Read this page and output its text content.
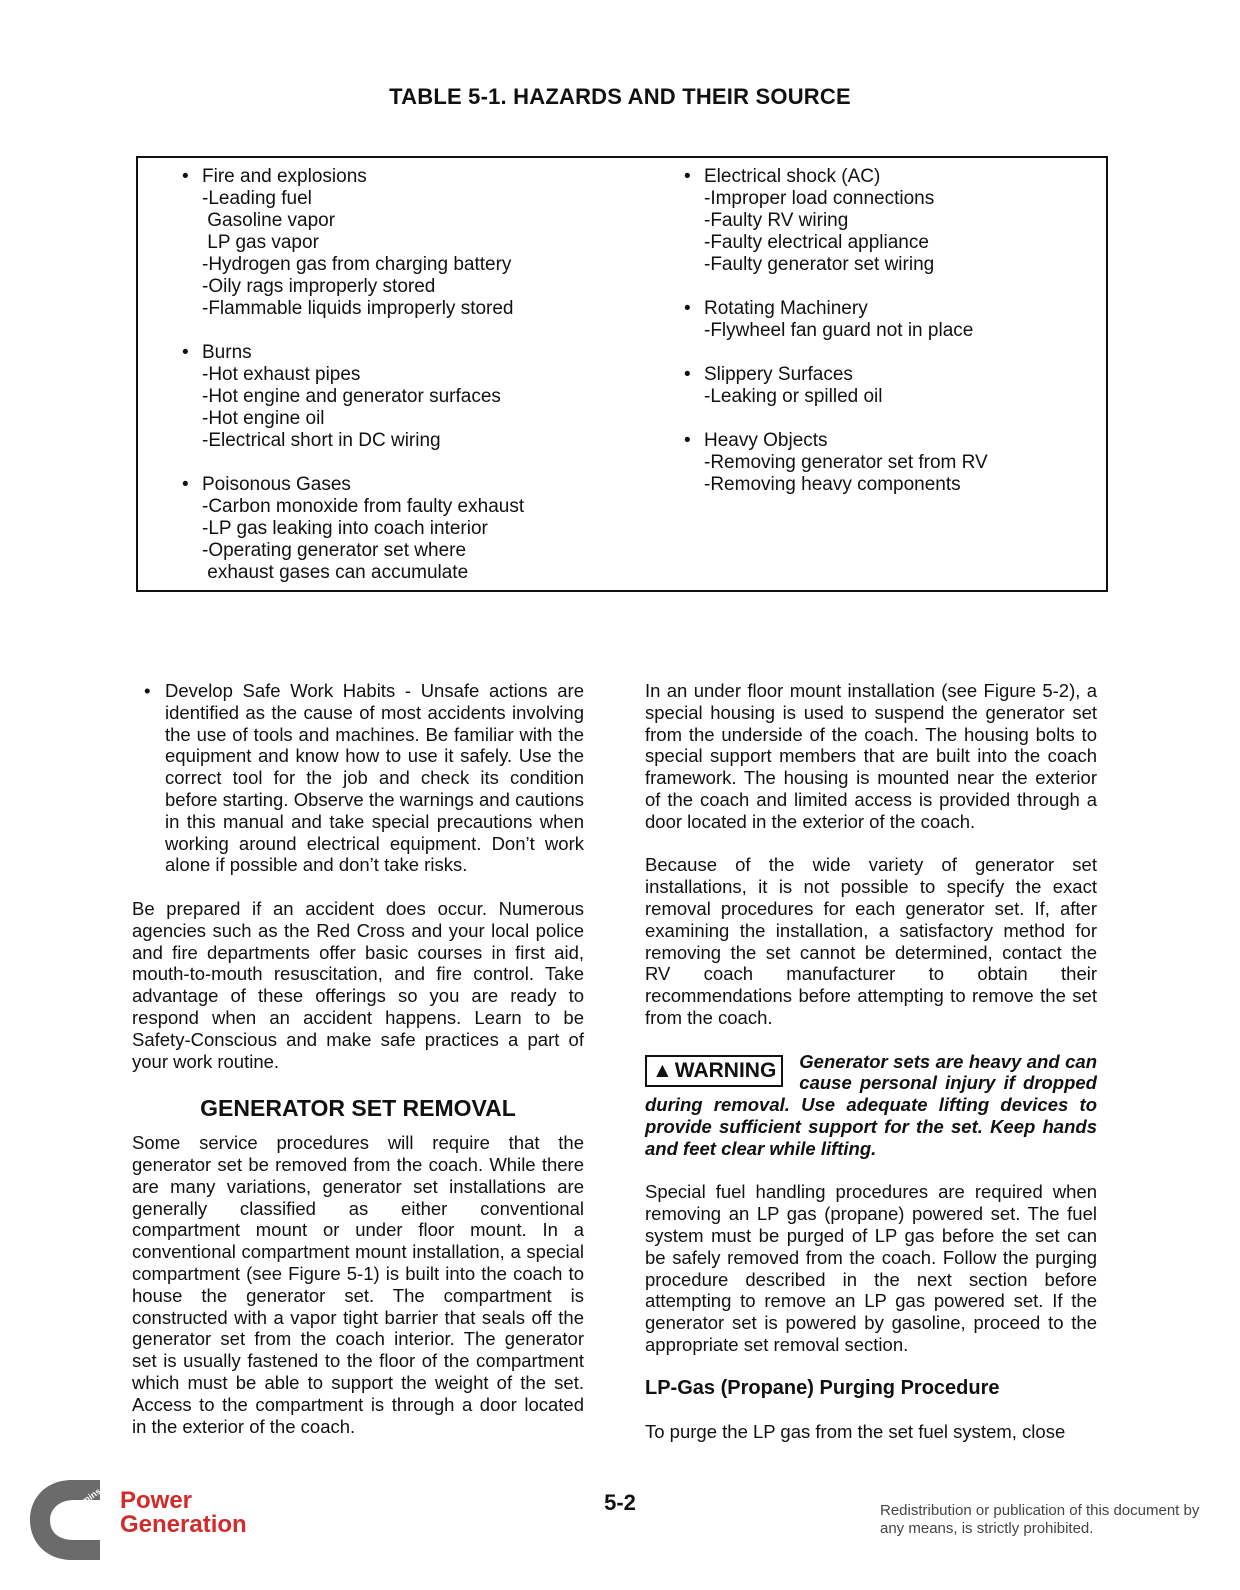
TABLE 5-1. HAZARDS AND THEIR SOURCE
• Fire and explosions
-Leading fuel
Gasoline vapor
LP gas vapor
-Hydrogen gas from charging battery
-Oily rags improperly stored
-Flammable liquids improperly stored
• Burns
-Hot exhaust pipes
-Hot engine and generator surfaces
-Hot engine oil
-Electrical short in DC wiring
• Poisonous Gases
-Carbon monoxide from faulty exhaust
-LP gas leaking into coach interior
-Operating generator set where
exhaust gases can accumulate
• Electrical shock (AC)
-Improper load connections
-Faulty RV wiring
-Faulty electrical appliance
-Faulty generator set wiring
• Rotating Machinery
-Flywheel fan guard not in place
• Slippery Surfaces
-Leaking or spilled oil
• Heavy Objects
-Removing generator set from RV
-Removing heavy components

• Develop Safe Work Habits - Unsafe actions are identified as the cause of most accidents involving the use of tools and machines. Be familiar with the equipment and know how to use it safely. Use the correct tool for the job and check its condition before starting. Observe the warnings and cautions in this manual and take special precautions when working around electrical equipment. Don’t work alone if possible and don’t take risks.

Be prepared if an accident does occur. Numerous agencies such as the Red Cross and your local police and fire departments offer basic courses in first aid, mouth-to-mouth resuscitation, and fire control. Take advantage of these offerings so you are ready to respond when an accident happens. Learn to be Safety-Conscious and make safe practices a part of your work routine.

GENERATOR SET REMOVAL

Some service procedures will require that the generator set be removed from the coach. While there are many variations, generator set installations are generally classified as either conventional compartment mount or under floor mount. In a conventional compartment mount installation, a special compartment (see Figure 5-1) is built into the coach to house the generator set. The compartment is constructed with a vapor tight barrier that seals off the generator set from the coach interior. The generator set is usually fastened to the floor of the compartment which must be able to support the weight of the set. Access to the compartment is through a door located in the exterior of the coach.

In an under floor mount installation (see Figure 5-2), a special housing is used to suspend the generator set from the underside of the coach. The housing bolts to special support members that are built into the coach framework. The housing is mounted near the exterior of the coach and limited access is provided through a door located in the exterior of the coach.

Because of the wide variety of generator set installations, it is not possible to specify the exact removal procedures for each generator set. If, after examining the installation, a satisfactory method for removing the set cannot be determined, contact the RV coach manufacturer to obtain their recommendations before attempting to remove the set from the coach.

▲WARNING	Generator sets are heavy and can cause personal injury if dropped during removal. Use adequate lifting devices to provide sufficient support for the set. Keep hands and feet clear while lifting.

Special fuel handling procedures are required when removing an LP gas (propane) powered set. The fuel system must be purged of LP gas before the set can be safely removed from the coach. Follow the purging procedure described in the next section before attempting to remove an LP gas powered set. If the generator set is powered by gasoline, proceed to the appropriate set removal section.

LP-Gas (Propane) Purging Procedure

To purge the LP gas from the set fuel system, close

Cummins Power
Generation
5-2	Redistribution or publication of this document by any means, is strictly prohibited.
